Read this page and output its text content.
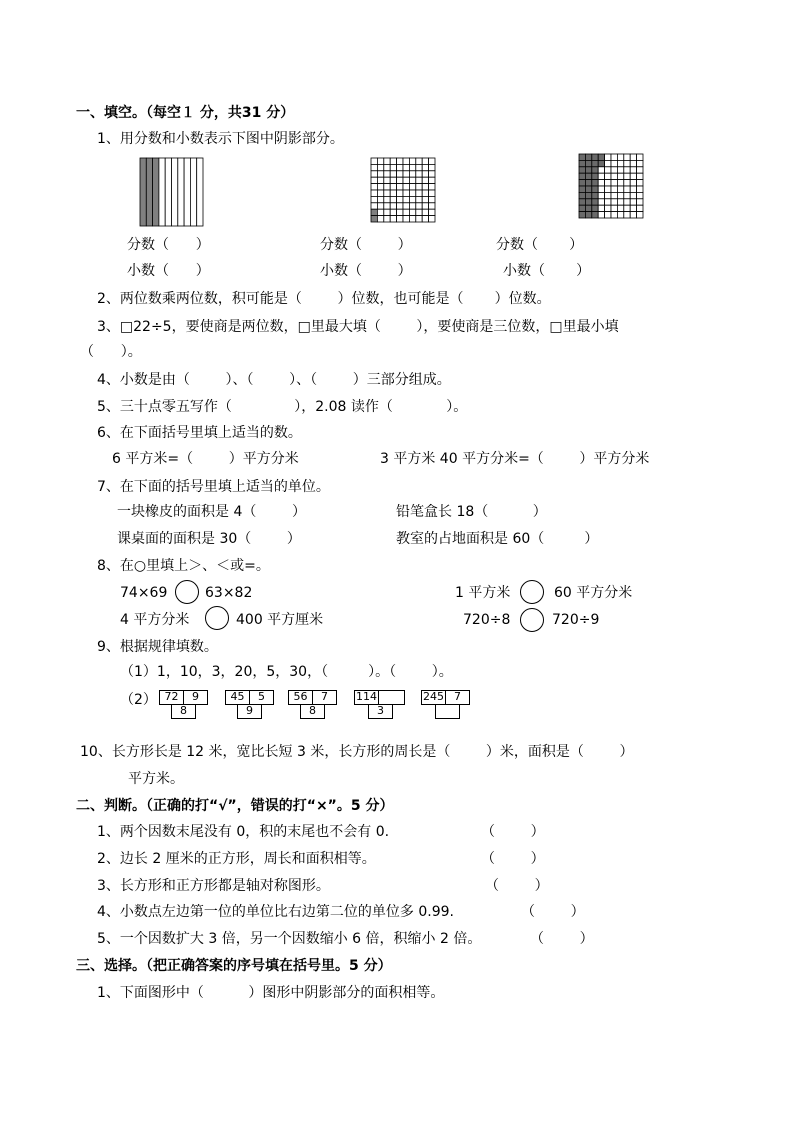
一、填空。（每空１ 分，共31 分）
1、用分数和小数表示下图中阴影部分。
分数（      ）
小数（      ）
分数（        ）
小数（        ）
分数（       ）
小数（       ）
2、两位数乘两位数，积可能是（        ）位数，也可能是（       ）位数。
3、□22÷5，要使商是两位数，□里最大填（        ），要使商是三位数，□里最小填
（      ）。
4、小数是由（        ）、（        ）、（        ）三部分组成。
5、三十点零五写作（              ），2.08 读作（            ）。
6、在下面括号里填上适当的数。
6 平方米=（        ）平方分米	3 平方米 40 平方分米=（        ）平方分米
7、在下面的括号里填上适当的单位。
一块橡皮的面积是 4（        ）	铅笔盒长 18（          ）
课桌面的面积是 30（        ）	教室的占地面积是 60（         ）
8、在○里填上＞、＜或=。
74×69	63×82	1 平方米	60 平方分米
4 平方分米	400 平方厘米	720÷8	720÷9
9、根据规律填数。
（1）1，10，3，20，5，30，（         ）。（        ）。
（2） 72	9
8
45	5
9
56	7
8
114
3
245 7
10、长方形长是 12 米，宽比长短 3 米，长方形的周长是（        ）米，面积是（        ）
平方米。
二、判断。（正确的打“√”，错误的打“×”。5 分）
1、两个因数末尾没有 0，积的末尾也不会有 0.	（        ）
2、边长 2 厘米的正方形，周长和面积相等。	（        ）
3、长方形和正方形都是轴对称图形。	（        ）
4、小数点左边第一位的单位比右边第二位的单位多 0.99.	（        ）
5、一个因数扩大 3 倍，另一个因数缩小 6 倍，积缩小 2 倍。	（        ）
三、选择。（把正确答案的序号填在括号里。5 分）
1、下面图形中（          ）图形中阴影部分的面积相等。
